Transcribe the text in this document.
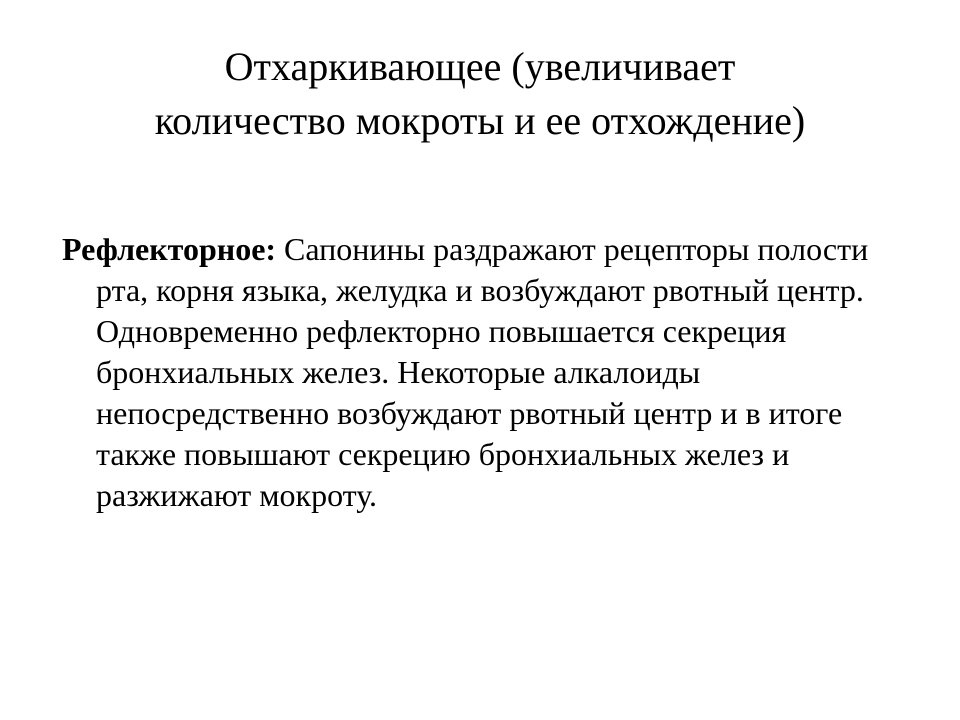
Отхаркивающее (увеличивает
количество мокроты и ее отхождение)

Рефлекторное: Сапонины раздражают рецепторы полости рта, корня языка, желудка и возбуждают рвотный центр. Одновременно рефлекторно повышается секреция бронхиальных желез. Некоторые алкалоиды непосредственно возбуждают рвотный центр и в итоге также повышают секрецию бронхиальных желез и разжижают мокроту.
